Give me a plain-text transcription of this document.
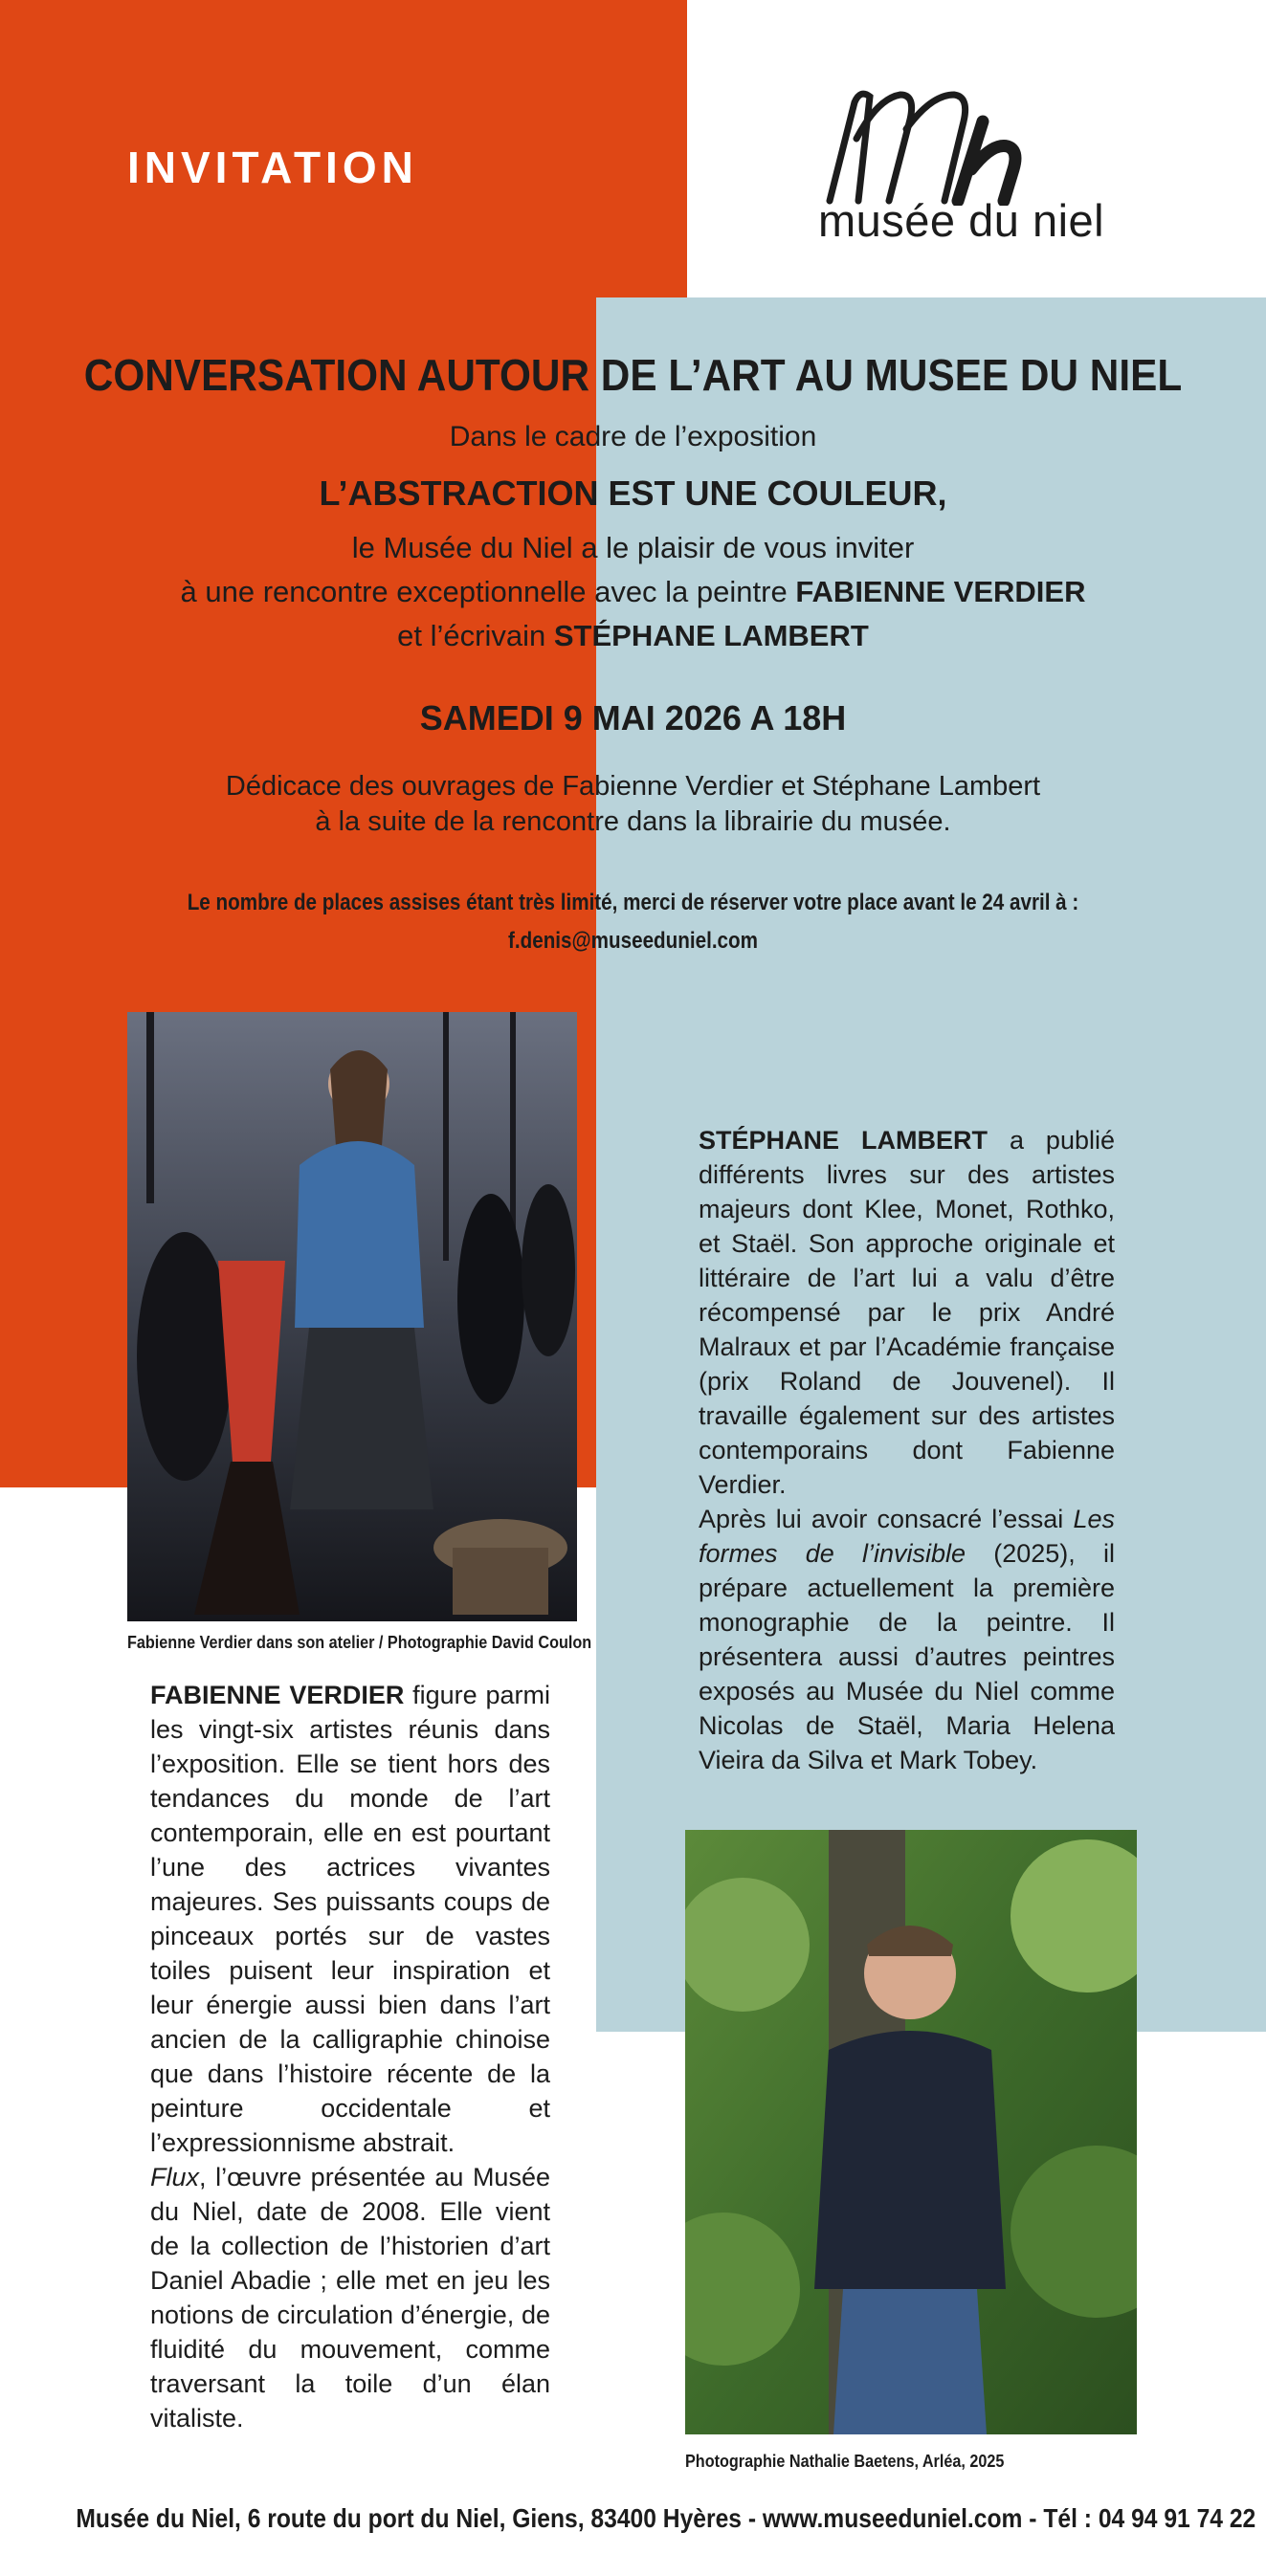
INVITATION
musée du niel
CONVERSATION AUTOUR DE L’ART AU MUSEE DU NIEL
Dans le cadre de l’exposition
L’ABSTRACTION EST UNE COULEUR,
le Musée du Niel a le plaisir de vous inviter
à une rencontre exceptionnelle avec la peintre FABIENNE VERDIER
et l’écrivain STÉPHANE LAMBERT
SAMEDI 9 MAI 2026 A 18H
Dédicace des ouvrages de Fabienne Verdier et Stéphane Lambert
à la suite de la rencontre dans la librairie du musée.
Le nombre de places assises étant très limité, merci de réserver votre place avant le 24 avril à :
f.denis@museeduniel.com
Fabienne Verdier dans son atelier / Photographie David Coulon

STÉPHANE LAMBERT a publié différents livres sur des artistes majeurs dont Klee, Monet, Rothko, et Staël. Son approche originale et littéraire de l’art lui a valu d’être récompensé par le prix André Malraux et par l’Académie française (prix Roland de Jouvenel). Il travaille également sur des artistes contemporains dont Fabienne Verdier.

Après lui avoir consacré l’essai Les formes de l’invisible (2025), il prépare actuellement la première monographie de la peintre. Il présentera aussi d’autres peintres exposés au Musée du Niel comme Nicolas de Staël, Maria Helena Vieira da Silva et Mark Tobey.

FABIENNE VERDIER figure parmi les vingt-six artistes réunis dans l’exposition. Elle se tient hors des tendances du monde de l’art contemporain, elle en est pourtant l’une des actrices vivantes majeures. Ses puissants coups de pinceaux portés sur de vastes toiles puisent leur inspiration et leur énergie aussi bien dans l’art ancien de la calligraphie chinoise que dans l’histoire récente de la peinture occidentale et l’expressionnisme abstrait.

Flux, l’œuvre présentée au Musée du Niel, date de 2008. Elle vient de la collection de l’historien d’art Daniel Abadie ; elle met en jeu les notions de circulation d’énergie, de fluidité du mouvement, comme traversant la toile d’un élan vitaliste.

Photographie Nathalie Baetens, Arléa, 2025
Musée du Niel, 6 route du port du Niel, Giens, 83400 Hyères - www.museeduniel.com - Tél : 04 94 91 74 22
